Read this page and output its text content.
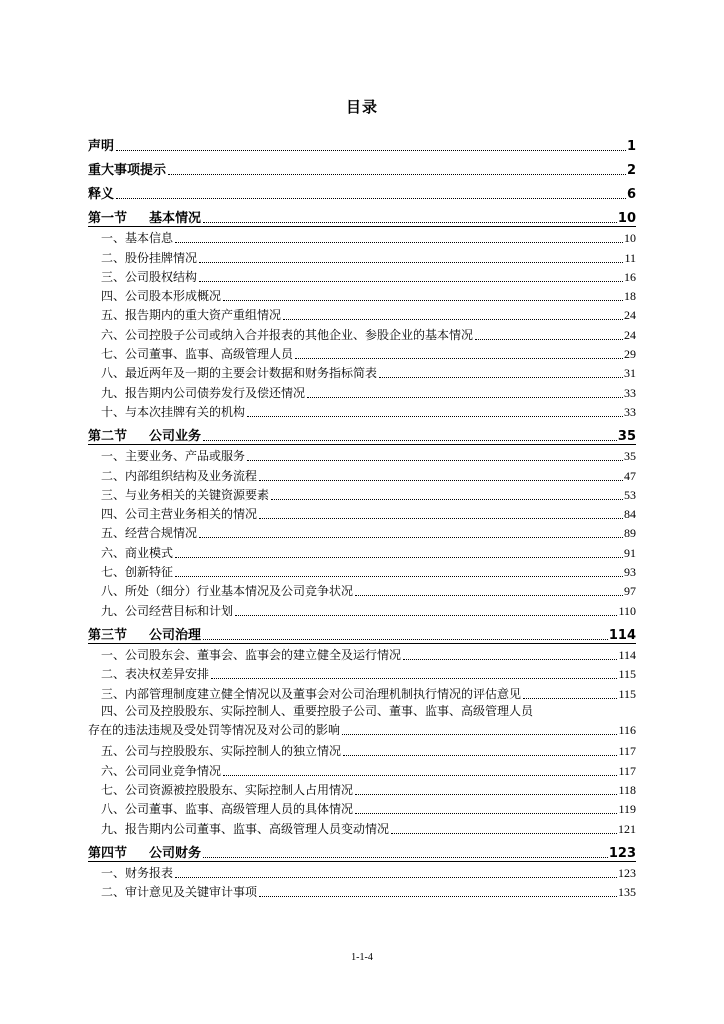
目录
声明	1
重大事项提示	2
释义	6
第一节 基本情况	10
一、基本信息	10
二、股份挂牌情况	11
三、公司股权结构	16
四、公司股本形成概况	18
五、报告期内的重大资产重组情况	24
六、公司控股子公司或纳入合并报表的其他企业、参股企业的基本情况	24
七、公司董事、监事、高级管理人员	29
八、最近两年及一期的主要会计数据和财务指标简表	31
九、报告期内公司债券发行及偿还情况	33
十、与本次挂牌有关的机构	33
第二节 公司业务	35
一、主要业务、产品或服务	35
二、内部组织结构及业务流程	47
三、与业务相关的关键资源要素	53
四、公司主营业务相关的情况	84
五、经营合规情况	89
六、商业模式	91
七、创新特征	93
八、所处（细分）行业基本情况及公司竞争状况	97
九、公司经营目标和计划	110
第三节 公司治理	114
一、公司股东会、董事会、监事会的建立健全及运行情况	114
二、表决权差异安排	115
三、内部管理制度建立健全情况以及董事会对公司治理机制执行情况的评估意见	115
四、公司及控股股东、实际控制人、重要控股子公司、董事、监事、高级管理人员
存在的违法违规及受处罚等情况及对公司的影响	116
五、公司与控股股东、实际控制人的独立情况	117
六、公司同业竞争情况	117
七、公司资源被控股股东、实际控制人占用情况	118
八、公司董事、监事、高级管理人员的具体情况	119
九、报告期内公司董事、监事、高级管理人员变动情况	121
第四节 公司财务	123
一、财务报表	123
二、审计意见及关键审计事项	135
1-1-4
